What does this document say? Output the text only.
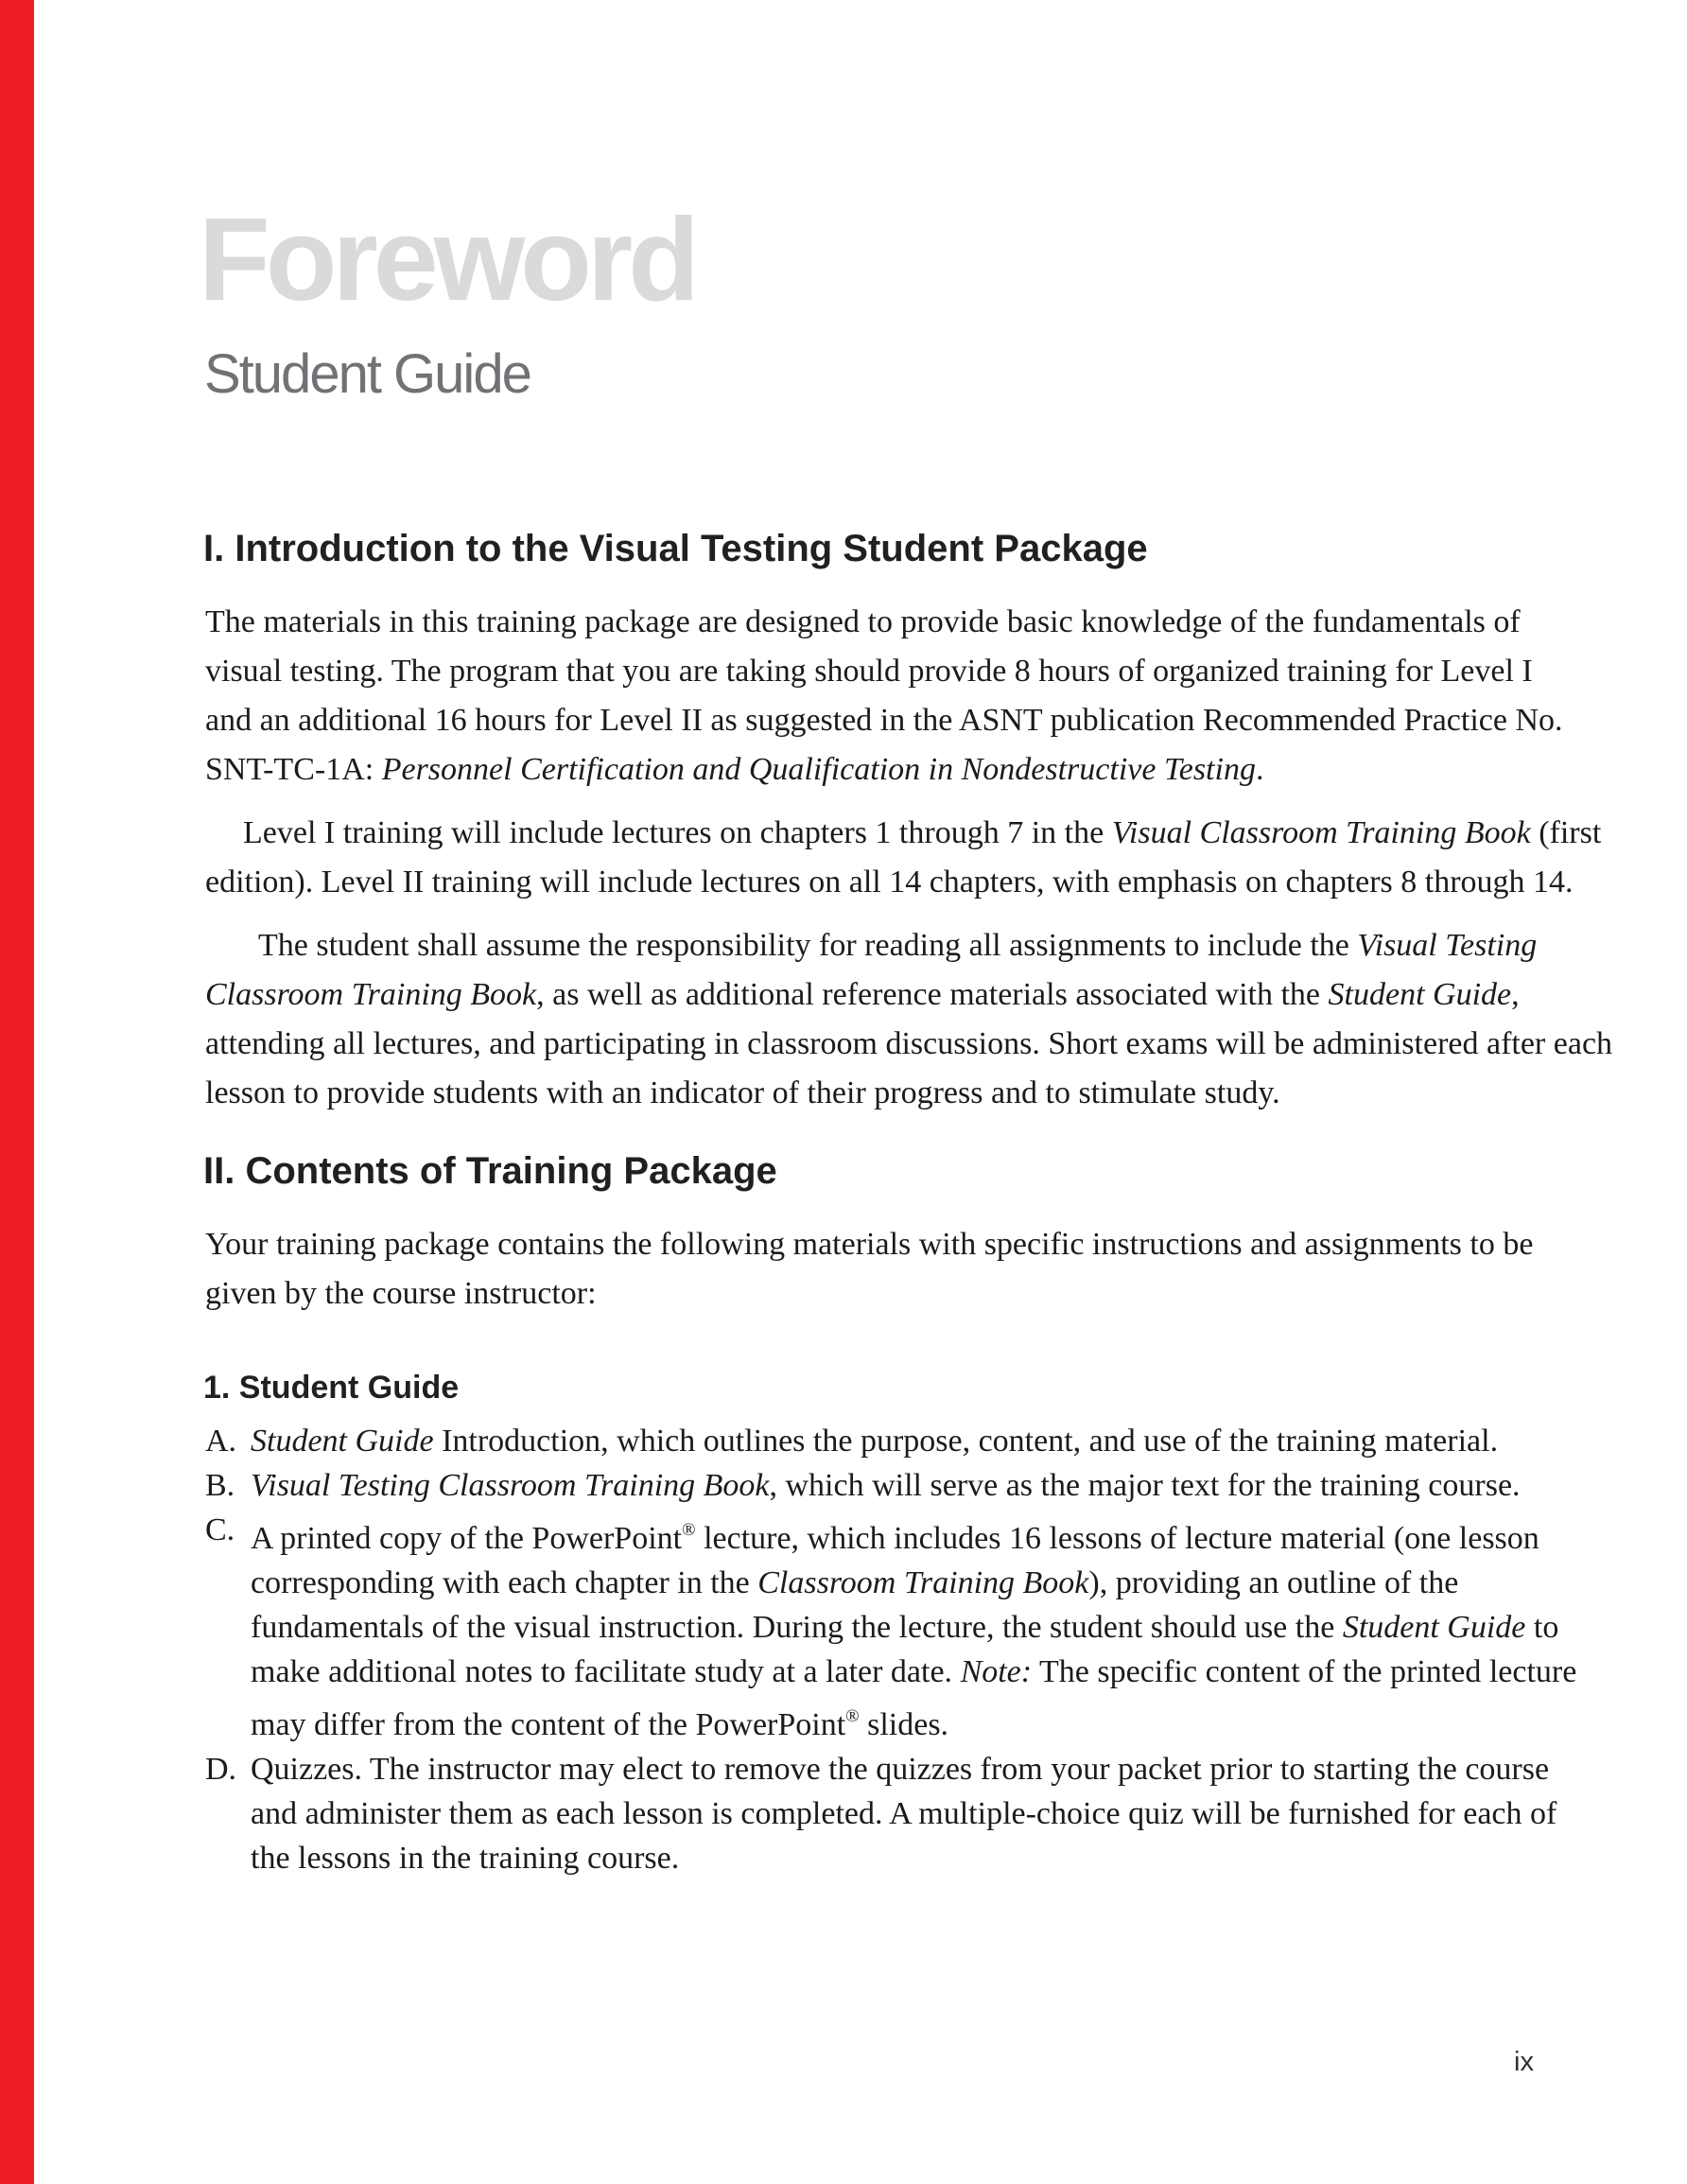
Foreword
Student Guide
I. Introduction to the Visual Testing Student Package
The materials in this training package are designed to provide basic knowledge of the fundamentals of
visual testing. The program that you are taking should provide 8 hours of organized training for Level I
and an additional 16 hours for Level II as suggested in the ASNT publication Recommended Practice No.
SNT-TC-1A: Personnel Certification and Qualification in Nondestructive Testing.
Level I training will include lectures on chapters 1 through 7 in the Visual Classroom Training Book (first
edition). Level II training will include lectures on all 14 chapters, with emphasis on chapters 8 through 14.
The student shall assume the responsibility for reading all assignments to include the Visual Testing
Classroom Training Book, as well as additional reference materials associated with the Student Guide,
attending all lectures, and participating in classroom discussions. Short exams will be administered after each
lesson to provide students with an indicator of their progress and to stimulate study.
II. Contents of Training Package
Your training package contains the following materials with specific instructions and assignments to be
given by the course instructor:
1. Student Guide
A. Student Guide Introduction, which outlines the purpose, content, and use of the training material.
B. Visual Testing Classroom Training Book, which will serve as the major text for the training course.
C. A printed copy of the PowerPoint® lecture, which includes 16 lessons of lecture material (one lesson
corresponding with each chapter in the Classroom Training Book), providing an outline of the
fundamentals of the visual instruction. During the lecture, the student should use the Student Guide to
make additional notes to facilitate study at a later date. Note: The specific content of the printed lecture
may differ from the content of the PowerPoint® slides.
D. Quizzes. The instructor may elect to remove the quizzes from your packet prior to starting the course
and administer them as each lesson is completed. A multiple-choice quiz will be furnished for each of
the lessons in the training course.
ix
